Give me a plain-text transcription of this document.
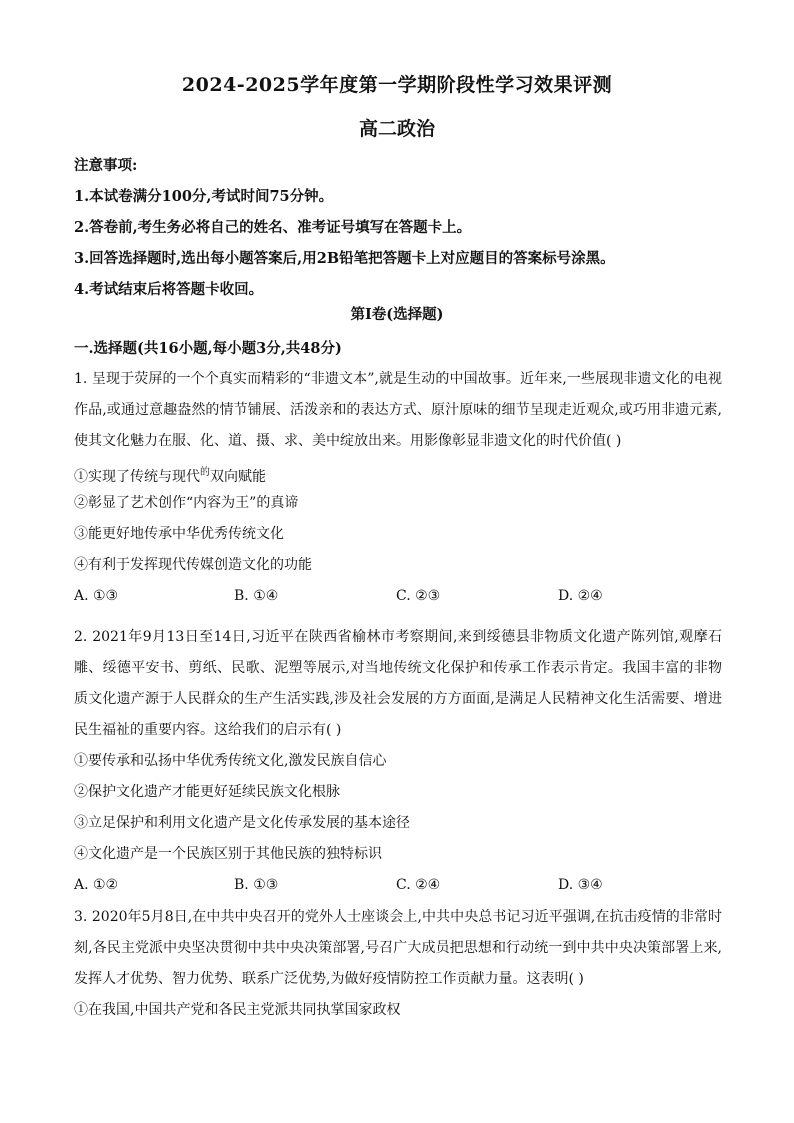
2024-2025学年度第一学期阶段性学习效果评测
高二政治
注意事项:
1.本试卷满分100分,考试时间75分钟。
2.答卷前,考生务必将自己的姓名、准考证号填写在答题卡上。
3.回答选择题时,选出每小题答案后,用2B铅笔把答题卡上对应题目的答案标号涂黑。
4.考试结束后将答题卡收回。
第I卷(选择题)
一.选择题(共16小题,每小题3分,共48分)
1. 呈现于荧屏的一个个真实而精彩的“非遗文本”,就是生动的中国故事。近年来,一些展现非遗文化的电视作品,或通过意趣盎然的情节铺展、活泼亲和的表达方式、原汁原味的细节呈现走近观众,或巧用非遗元素,使其文化魅力在服、化、道、摄、求、美中绽放出来。用影像彰显非遗文化的时代价值( )
①实现了传统与现代$^的$双向赋能
②彰显了艺术创作“内容为王”的真谛
③能更好地传承中华优秀传统文化
④有利于发挥现代传媒创造文化的功能
A. ①③	B. ①④	C. ②③	D. ②④
2. 2021年9月13日至14日,习近平在陕西省榆林市考察期间,来到绥德县非物质文化遗产陈列馆,观摩石雕、绥德平安书、剪纸、民歌、泥塑等展示,对当地传统文化保护和传承工作表示肯定。我国丰富的非物质文化遗产源于人民群众的生产生活实践,涉及社会发展的方方面面,是满足人民精神文化生活需要、增进民生福祉的重要内容。这给我们的启示有( )
①要传承和弘扬中华优秀传统文化,激发民族自信心
②保护文化遗产才能更好延续民族文化根脉
③立足保护和利用文化遗产是文化传承发展的基本途径
④文化遗产是一个民族区别于其他民族的独特标识
A. ①②	B. ①③	C. ②④	D. ③④
3. 2020年5月8日,在中共中央召开的党外人士座谈会上,中共中央总书记习近平强调,在抗击疫情的非常时刻,各民主党派中央坚决贯彻中共中央决策部署,号召广大成员把思想和行动统一到中共中央决策部署上来,发挥人才优势、智力优势、联系广泛优势,为做好疫情防控工作贡献力量。这表明( )
①在我国,中国共产党和各民主党派共同执掌国家政权
